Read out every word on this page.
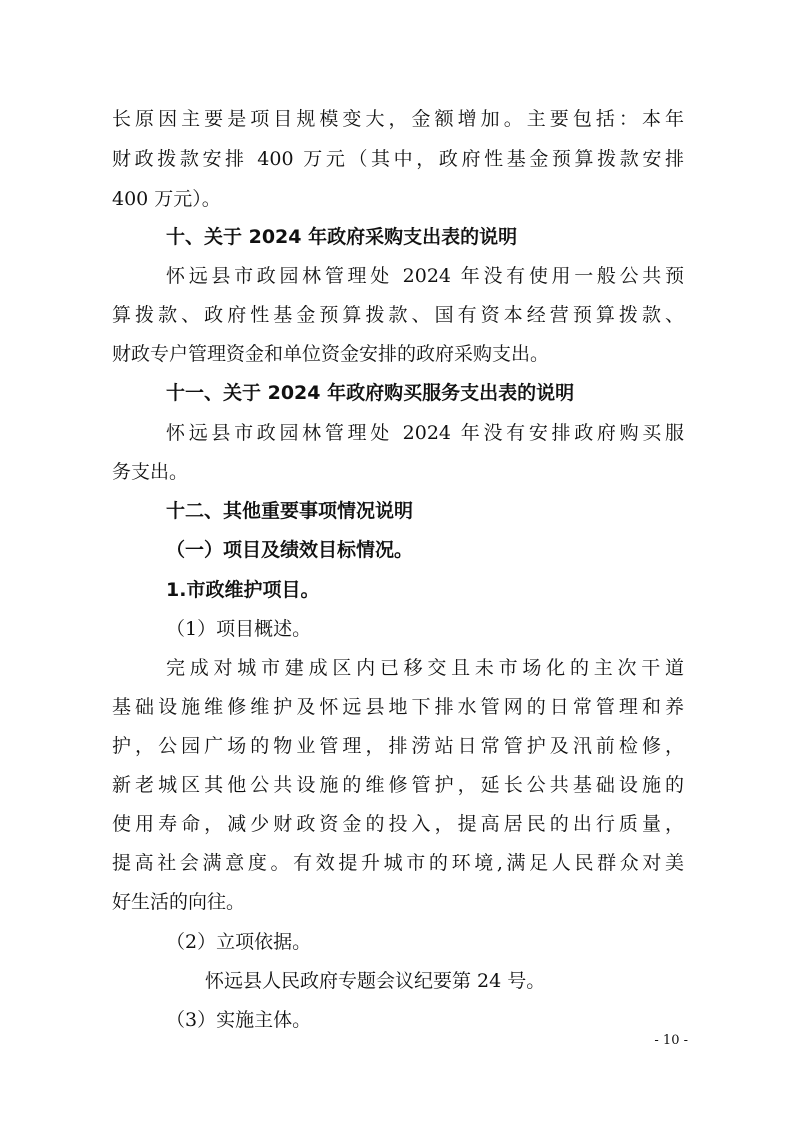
长原因主要是项目规模变大，金额增加。主要包括：本年
财政拨款安排 400 万元（其中，政府性基金预算拨款安排
400 万元）。
十、关于 2024 年政府采购支出表的说明
怀远县市政园林管理处 2024 年没有使用一般公共预
算拨款、政府性基金预算拨款、国有资本经营预算拨款、
财政专户管理资金和单位资金安排的政府采购支出。
十一、关于 2024 年政府购买服务支出表的说明
怀远县市政园林管理处 2024 年没有安排政府购买服
务支出。
十二、其他重要事项情况说明
（一）项目及绩效目标情况。
1.市政维护项目。
（1）项目概述。
完成对城市建成区内已移交且未市场化的主次干道
基础设施维修维护及怀远县地下排水管网的日常管理和养
护，公园广场的物业管理，排涝站日常管护及汛前检修，
新老城区其他公共设施的维修管护，延长公共基础设施的
使用寿命，减少财政资金的投入，提高居民的出行质量，
提高社会满意度。有效提升城市的环境,满足人民群众对美
好生活的向往。
（2）立项依据。
怀远县人民政府专题会议纪要第 24 号。
（3）实施主体。
- 10 -
